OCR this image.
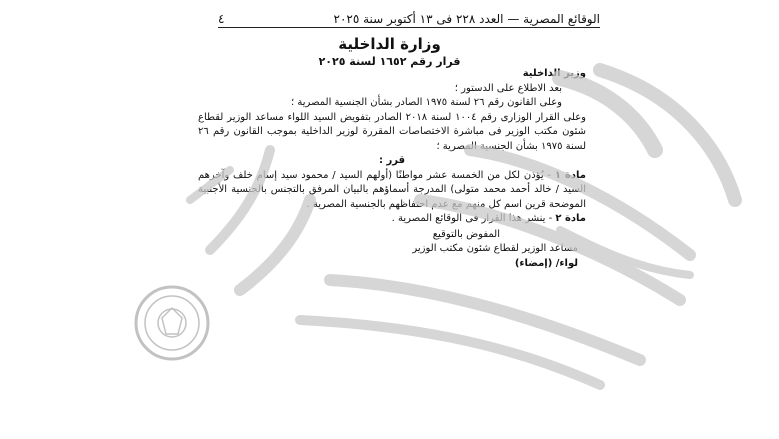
الوقائع المصرية — العدد ٢٢٨ فى ١٣ أكتوبر سنة ٢٠٢٥
٤
وزارة الداخلية
قرار رقم ١٦٥٢ لسنة ٢٠٢٥

وزير الداخلية

بعد الاطلاع على الدستور ؛

وعلى القانون رقم ٢٦ لسنة ١٩٧٥ الصادر بشأن الجنسية المصرية ؛

وعلى القرار الوزارى رقم ١٠٠٤ لسنة ٢٠١٨ الصادر بتفويض السيد اللواء مساعد الوزير لقطاع شئون مكتب الوزير فى مباشرة الاختصاصات المقررة لوزير الداخلية بموجب القانون رقم ٢٦ لسنة ١٩٧٥ بشأن الجنسية المصرية ؛

قرر :

مادة ١ - يُؤذن لكل من الخمسة عشر مواطنًا (أولهم السيد / محمود سيد إسام خلف وآخرهم السيد / خالد أحمد محمد متولى) المدرجة أسماؤهم بالبيان المرفق بالتجنس بالجنسية الأجنبية الموضحة قرين اسم كل منهم مع عدم احتفاظهم بالجنسية المصرية .

مادة ٢ - ينشر هذا القرار فى الوقائع المصرية .

المفوض بالتوقيع

مساعد الوزير لقطاع شئون مكتب الوزير

لواء/ (إمضاء)
